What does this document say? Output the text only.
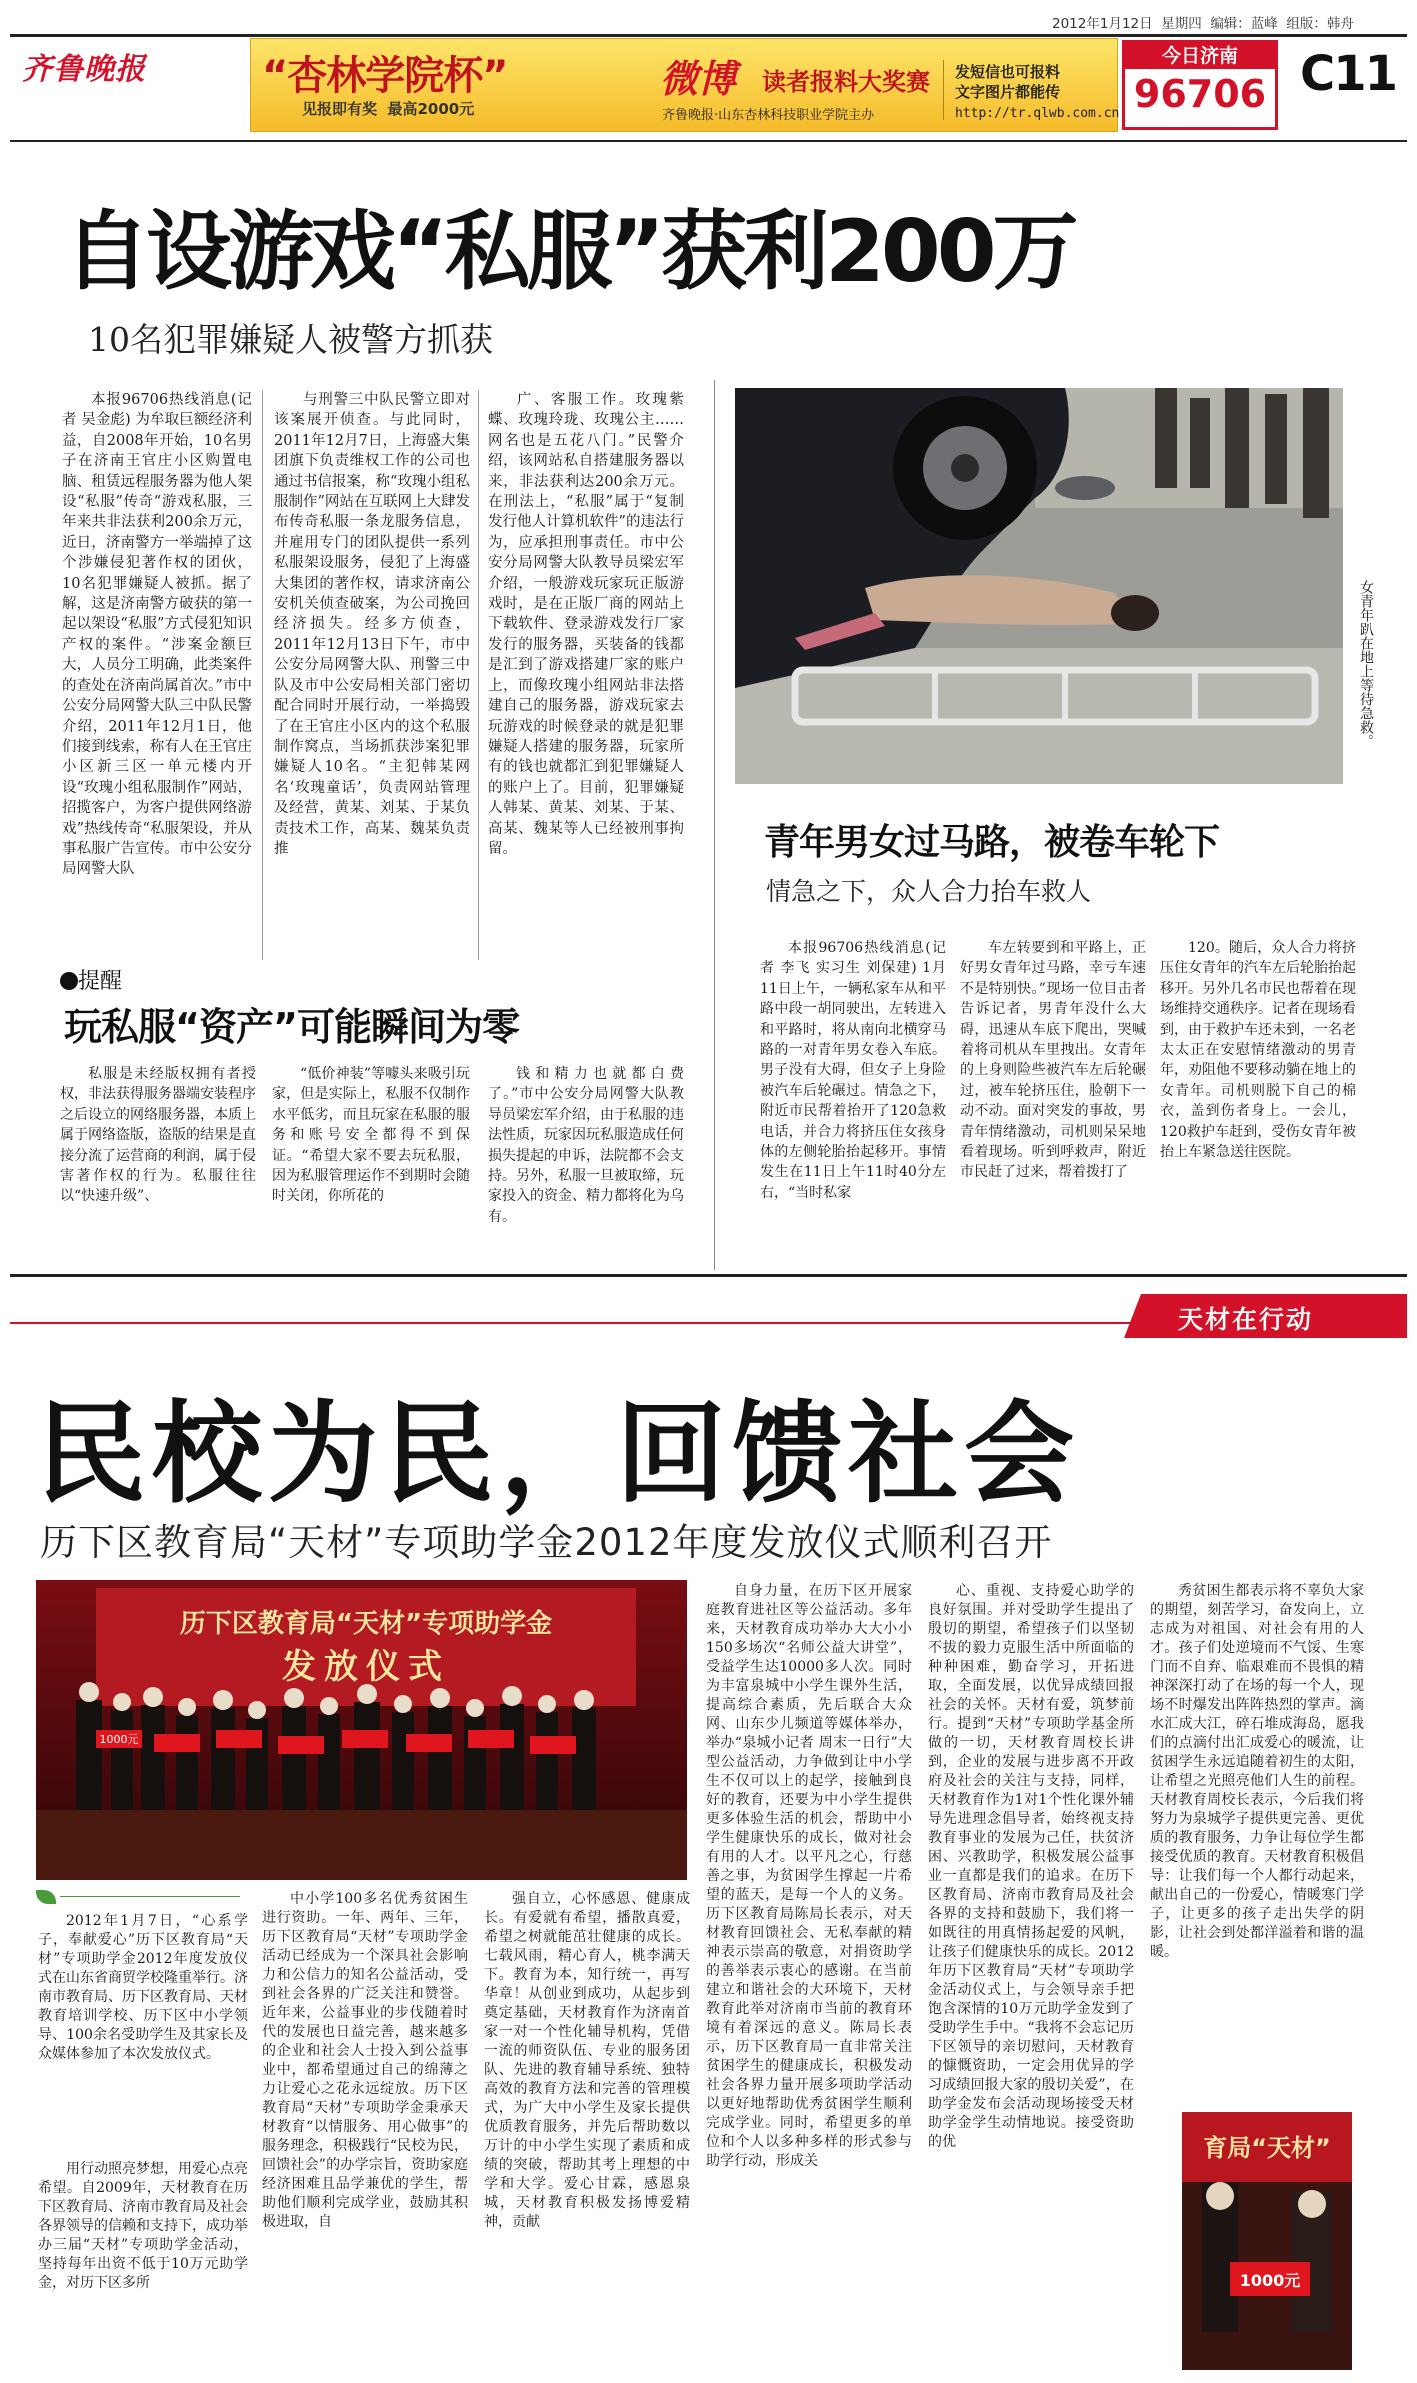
2012年1月12日 星期四 编辑：蓝峰 组版：韩舟
齐鲁晚报	“杏林学院杯”
见报即有奖 最高2000元
微博 读者报料大奖赛
齐鲁晚报·山东杏林科技职业学院主办
发短信也可报料
文字图片都能传
http://tr.qlwb.com.cn
今日济南
96706 C11
自设游戏“私服”获利200万
10名犯罪嫌疑人被警方抓获

本报96706热线消息(记者 吴金彪) 为牟取巨额经济利益，自2008年开始，10名男子在济南王官庄小区购置电脑、租赁远程服务器为他人架设“私服”传奇“游戏私服，三年来共非法获利200余万元，近日，济南警方一举端掉了这个涉嫌侵犯著作权的团伙，10名犯罪嫌疑人被抓。据了解，这是济南警方破获的第一起以架设“私服”方式侵犯知识产权的案件。“涉案金额巨大，人员分工明确，此类案件的查处在济南尚属首次。”市中公安分局网警大队三中队民警介绍，2011年12月1日，他们接到线索，称有人在王官庄小区新三区一单元楼内开设“玫瑰小组私服制作”网站，招揽客户，为客户提供网络游戏”热线传奇“私服架设，并从事私服广告宣传。市中公安分局网警大队

与刑警三中队民警立即对该案展开侦查。与此同时，2011年12月7日，上海盛大集团旗下负责维权工作的公司也通过书信报案，称“玫瑰小组私服制作”网站在互联网上大肆发布传奇私服一条龙服务信息，并雇用专门的团队提供一系列私服架设服务，侵犯了上海盛大集团的著作权，请求济南公安机关侦查破案，为公司挽回经济损失。经多方侦查，2011年12月13日下午，市中公安分局网警大队、刑警三中队及市中公安局相关部门密切配合同时开展行动，一举捣毁了在王官庄小区内的这个私服制作窝点，当场抓获涉案犯罪嫌疑人10名。“主犯韩某网名‘玫瑰童话’，负责网站管理及经营，黄某、刘某、于某负责技术工作，高某、魏某负责推

广、客服工作。玫瑰紫蝶、玫瑰玲珑、玫瑰公主……网名也是五花八门。”民警介绍，该网站私自搭建服务器以来，非法获利达200余万元。在刑法上，“私服”属于“复制发行他人计算机软件”的违法行为，应承担刑事责任。市中公安分局网警大队教导员梁宏军介绍，一般游戏玩家玩正版游戏时，是在正版厂商的网站上下载软件、登录游戏发行厂家发行的服务器，买装备的钱都是汇到了游戏搭建厂家的账户上，而像玫瑰小组网站非法搭建自己的服务器，游戏玩家去玩游戏的时候登录的就是犯罪嫌疑人搭建的服务器，玩家所有的钱也就都汇到犯罪嫌疑人的账户上了。目前，犯罪嫌疑人韩某、黄某、刘某、于某、高某、魏某等人已经被刑事拘留。

提醒
玩私服“资产”可能瞬间为零

私服是未经版权拥有者授权，非法获得服务器端安装程序之后设立的网络服务器，本质上属于网络盗版，盗版的结果是直接分流了运营商的利润，属于侵害著作权的行为。私服往往以“快速升级”、

“低价神装”等噱头来吸引玩家，但是实际上，私服不仅制作水平低劣，而且玩家在私服的服务和账号安全都得不到保证。“希望大家不要去玩私服，因为私服管理运作不到期时会随时关闭，你所花的

钱和精力也就都白费了。”市中公安分局网警大队教导员梁宏军介绍，由于私服的违法性质，玩家因玩私服造成任何损失提起的申诉，法院都不会支持。另外，私服一旦被取缔，玩家投入的资金、精力都将化为乌有。

女青年趴在地上等待急救。
青年男女过马路，被卷车轮下
情急之下，众人合力抬车救人

本报96706热线消息(记者 李飞 实习生 刘保建) 1月11日上午，一辆私家车从和平路中段一胡同驶出，左转进入和平路时，将从南向北横穿马路的一对青年男女卷入车底。男子没有大碍，但女子上身险被汽车后轮碾过。情急之下，附近市民帮着抬开了120急救电话，并合力将挤压住女孩身体的左侧轮胎抬起移开。事情发生在11日上午11时40分左右，“当时私家

车左转要到和平路上，正好男女青年过马路，幸亏车速不是特别快。”现场一位目击者告诉记者，男青年没什么大碍，迅速从车底下爬出，哭喊着将司机从车里拽出。女青年的上身则险些被汽车左后轮碾过，被车轮挤压住，脸朝下一动不动。面对突发的事故，男青年情绪激动，司机则呆呆地看着现场。听到呼救声，附近市民赶了过来，帮着拨打了

120。随后，众人合力将挤压住女青年的汽车左后轮胎抬起移开。另外几名市民也帮着在现场维持交通秩序。记者在现场看到，由于救护车还未到，一名老太太正在安慰情绪激动的男青年，劝阻他不要移动躺在地上的女青年。司机则脱下自己的棉衣，盖到伤者身上。一会儿，120救护车赶到，受伤女青年被抬上车紧急送往医院。

天材在行动
民校为民，回馈社会
历下区教育局“天材”专项助学金2012年度发放仪式顺利召开
历下区教育局“天材”专项助学金
发放仪式
1000元

2012年1月7日，“心系学子，奉献爱心”历下区教育局“天材”专项助学金2012年度发放仪式在山东省商贸学校隆重举行。济南市教育局、历下区教育局、天材教育培训学校、历下区中小学领导、100余名受助学生及其家长及众媒体参加了本次发放仪式。

用行动照亮梦想，用爱心点亮希望。自2009年，天材教育在历下区教育局、济南市教育局及社会各界领导的信赖和支持下，成功举办三届“天材”专项助学金活动，坚持每年出资不低于10万元助学金，对历下区多所

中小学100多名优秀贫困生进行资助。一年、两年、三年，历下区教育局“天材”专项助学金活动已经成为一个深具社会影响力和公信力的知名公益活动，受到社会各界的广泛关注和赞誉。近年来，公益事业的步伐随着时代的发展也日益完善，越来越多的企业和社会人士投入到公益事业中，都希望通过自己的绵薄之力让爱心之花永远绽放。历下区教育局“天材”专项助学金秉承天材教育“以情服务、用心做事”的服务理念，积极践行“民校为民，回馈社会”的办学宗旨，资助家庭经济困难且品学兼优的学生，帮助他们顺利完成学业，鼓励其积极进取，自

强自立，心怀感恩、健康成长。有爱就有希望，播散真爱，希望之树就能茁壮健康的成长。七载风雨，精心育人，桃李满天下。教育为本，知行统一，再写华章！从创业到成功，从起步到奠定基础，天材教育作为济南首家一对一个性化辅导机构，凭借一流的师资队伍、专业的服务团队、先进的教育辅导系统、独特高效的教育方法和完善的管理模式，为广大中小学生及家长提供优质教育服务，并先后帮助数以万计的中小学生实现了素质和成绩的突破，帮助其考上理想的中学和大学。爱心甘霖，感恩泉城，天材教育积极发扬博爱精神，贡献

自身力量，在历下区开展家庭教育进社区等公益活动。多年来，天材教育成功举办大大小小150多场次“名师公益大讲堂”，受益学生达10000多人次。同时为丰富泉城中小学生课外生活，提高综合素质，先后联合大众网、山东少儿频道等媒体举办，举办“泉城小记者 周末一日行”大型公益活动，力争做到让中小学生不仅可以上的起学，接触到良好的教育，还要为中小学生提供更多体验生活的机会，帮助中小学生健康快乐的成长，做对社会有用的人才。以平凡之心，行慈善之事，为贫困学生撑起一片希望的蓝天，是每一个人的义务。历下区教育局陈局长表示，对天材教育回馈社会、无私奉献的精神表示崇高的敬意，对捐资助学的善举表示衷心的感谢。在当前建立和谐社会的大环境下，天材教育此举对济南市当前的教育环境有着深远的意义。陈局长表示，历下区教育局一直非常关注贫困学生的健康成长，积极发动社会各界力量开展多项助学活动以更好地帮助优秀贫困学生顺利完成学业。同时，希望更多的单位和个人以多种多样的形式参与助学行动，形成关

心、重视、支持爱心助学的良好氛围。并对受助学生提出了殷切的期望，希望孩子们以坚韧不拔的毅力克服生活中所面临的种种困难，勤奋学习，开拓进取，全面发展，以优异成绩回报社会的关怀。天材有爱，筑梦前行。提到“天材”专项助学基金所做的一切，天材教育周校长讲到，企业的发展与进步离不开政府及社会的关注与支持，同样，天材教育作为1对1个性化课外辅导先进理念倡导者，始终视支持教育事业的发展为己任，扶贫济困、兴教助学，积极发展公益事业一直都是我们的追求。在历下区教育局、济南市教育局及社会各界的支持和鼓励下，我们将一如既往的用真情扬起爱的风帆，让孩子们健康快乐的成长。2012年历下区教育局“天材”专项助学金活动仪式上，与会领导亲手把饱含深情的10万元助学金发到了受助学生手中。“我将不会忘记历下区领导的亲切慰问，天材教育的慷慨资助，一定会用优异的学习成绩回报大家的殷切关爱”，在助学金发布会活动现场接受天材助学金学生动情地说。接受资助的优

秀贫困生都表示将不辜负大家的期望，刻苦学习，奋发向上，立志成为对祖国、对社会有用的人才。孩子们处逆境而不气馁、生寒门而不自弃、临艰难而不畏惧的精神深深打动了在场的每一个人，现场不时爆发出阵阵热烈的掌声。滴水汇成大江，碎石堆成海岛，愿我们的点滴付出汇成爱心的暖流，让贫困学生永远追随着初生的太阳，让希望之光照亮他们人生的前程。天材教育周校长表示，今后我们将努力为泉城学子提供更完善、更优质的教育服务，力争让每位学生都接受优质的教育。天材教育积极倡导：让我们每一个人都行动起来，献出自己的一份爱心，情暖寒门学子，让更多的孩子走出失学的阴影，让社会到处都洋溢着和谐的温暖。

育局“天材”
1000元
